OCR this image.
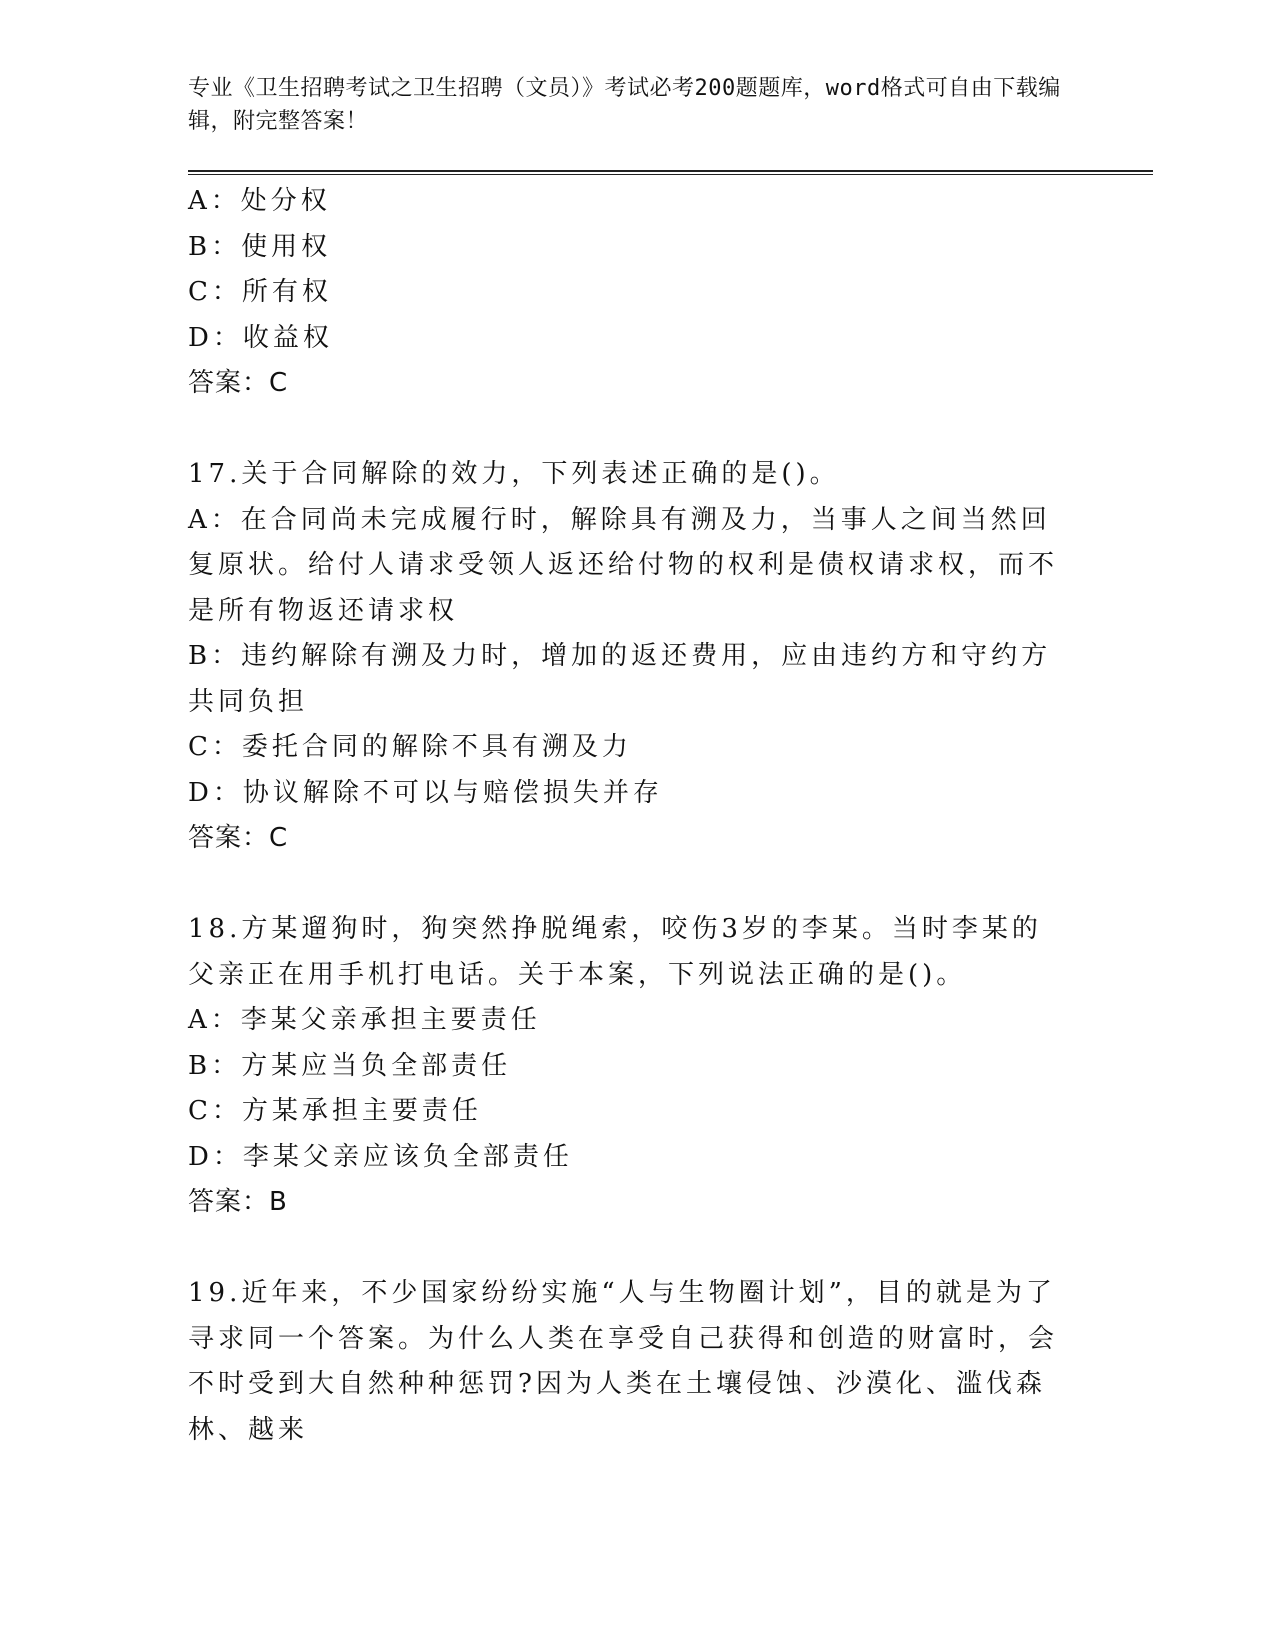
专业《卫生招聘考试之卫生招聘（文员）》考试必考200题题库，word格式可自由下载编辑，附完整答案！

A：处分权

B：使用权

C：所有权

D：收益权

答案：C

17.关于合同解除的效力，下列表述正确的是()。

A：在合同尚未完成履行时，解除具有溯及力，当事人之间当然回复原状。给付人请求受领人返还给付物的权利是债权请求权，而不是所有物返还请求权

B：违约解除有溯及力时，增加的返还费用，应由违约方和守约方共同负担

C：委托合同的解除不具有溯及力

D：协议解除不可以与赔偿损失并存

答案：C

18.方某遛狗时，狗突然挣脱绳索，咬伤3岁的李某。当时李某的父亲正在用手机打电话。关于本案，下列说法正确的是()。

A：李某父亲承担主要责任

B：方某应当负全部责任

C：方某承担主要责任

D：李某父亲应该负全部责任

答案：B

19.近年来，不少国家纷纷实施“人与生物圈计划”，目的就是为了寻求同一个答案。为什么人类在享受自己获得和创造的财富时，会不时受到大自然种种惩罚?因为人类在土壤侵蚀、沙漠化、滥伐森林、越来
